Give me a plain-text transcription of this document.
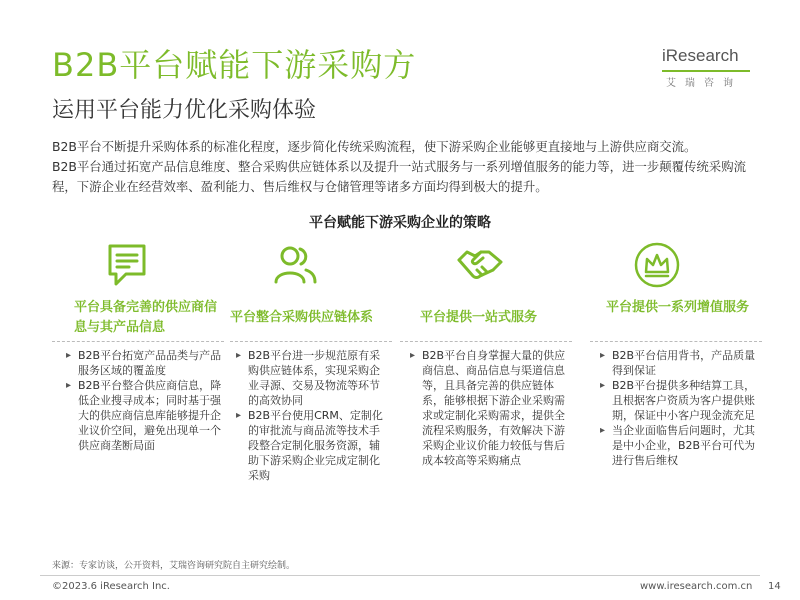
B2B平台赋能下游采购方
运用平台能力优化采购体验
iResearch
艾瑞咨询

B2B平台不断提升采购体系的标准化程度，逐步简化传统采购流程，使下游采购企业能够更直接地与上游供应商交流。

B2B平台通过拓宽产品信息维度、整合采购供应链体系以及提升一站式服务与一系列增值服务的能力等，进一步颠覆传统采购流程，下游企业在经营效率、盈利能力、售后维权与仓储管理等诸多方面均得到极大的提升。

平台赋能下游采购企业的策略
平台具备完善的供应商信息与其产品信息
▸ B2B平台拓宽产品品类与产品服务区域的覆盖度
▸ B2B平台整合供应商信息，降低企业搜寻成本；同时基于强大的供应商信息库能够提升企业议价空间，避免出现单一个供应商垄断局面
平台整合采购供应链体系
▸ B2B平台进一步规范原有采购供应链体系，实现采购企业寻源、交易及物流等环节的高效协同
▸ B2B平台使用CRM、定制化的审批流与商品流等技术手段整合定制化服务资源，辅助下游采购企业完成定制化采购
平台提供一站式服务
▸ B2B平台自身掌握大量的供应商信息、商品信息与渠道信息等，且具备完善的供应链体系，能够根据下游企业采购需求或定制化采购需求，提供全流程采购服务，有效解决下游采购企业议价能力较低与售后成本较高等采购痛点
平台提供一系列增值服务
▸ B2B平台信用背书，产品质量得到保证
▸ B2B平台提供多种结算工具，且根据客户资质为客户提供账期，保证中小客户现金流充足
▸ 当企业面临售后问题时，尤其是中小企业，B2B平台可代为进行售后维权
来源：专家访谈，公开资料，艾瑞咨询研究院自主研究绘制。
©2023.6 iResearch Inc.	www.iresearch.com.cn 14
